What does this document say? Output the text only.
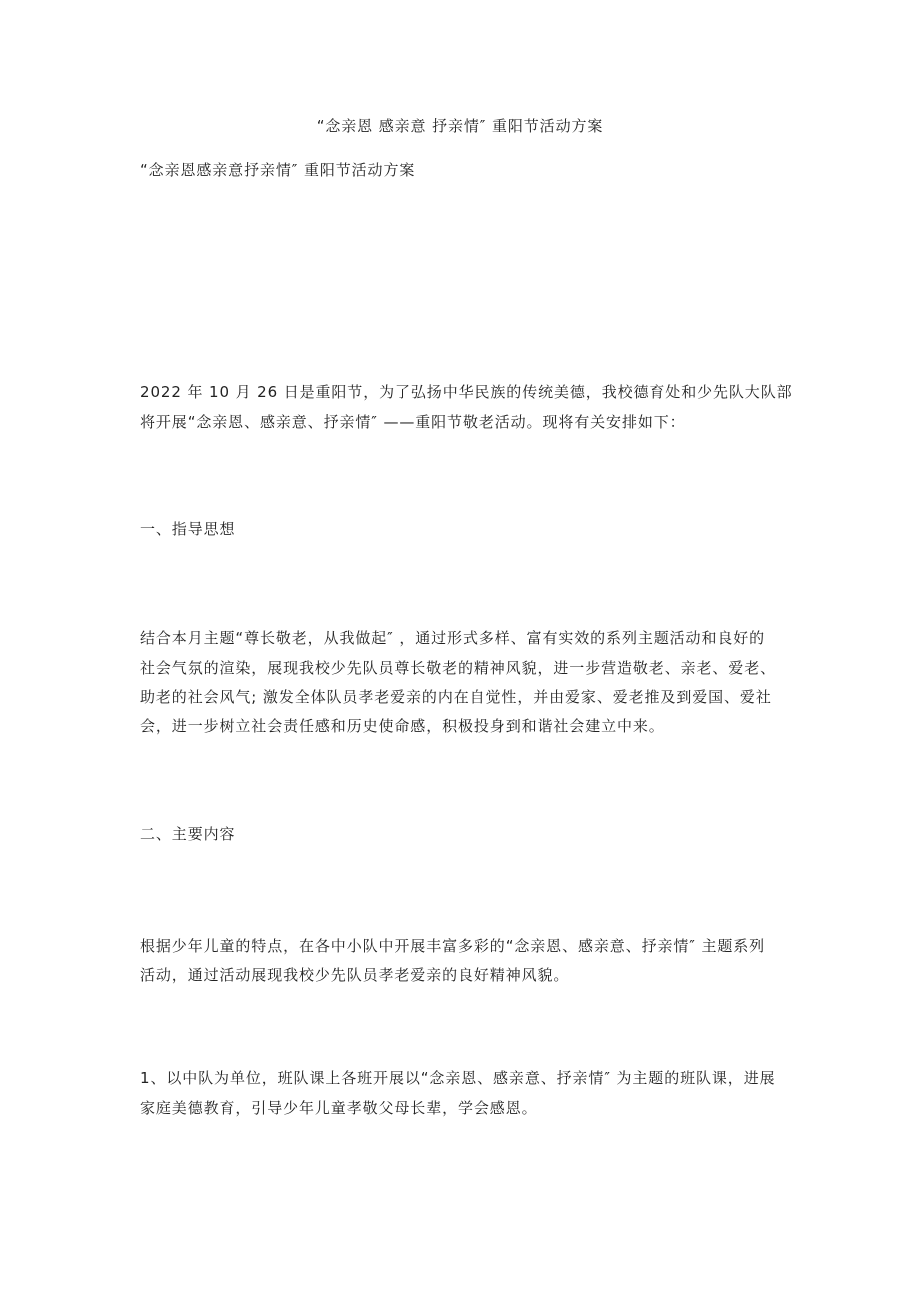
“念亲恩 感亲意 抒亲情″ 重阳节活动方案
“念亲恩感亲意抒亲情″ 重阳节活动方案
2022 年 10 月 26 日是重阳节，为了弘扬中华民族的传统美德，我校德育处和少先队大队部
将开展“念亲恩、感亲意、抒亲情″ ——重阳节敬老活动。现将有关安排如下：
一、指导思想
结合本月主题“尊长敬老，从我做起″ ，通过形式多样、富有实效的系列主题活动和良好的
社会气氛的渲染，展现我校少先队员尊长敬老的精神风貌，进一步营造敬老、亲老、爱老、
助老的社会风气; 激发全体队员孝老爱亲的内在自觉性，并由爱家、爱老推及到爱国、爱社
会，进一步树立社会责任感和历史使命感，积极投身到和谐社会建立中来。
二、主要内容
根据少年儿童的特点，在各中小队中开展丰富多彩的“念亲恩、感亲意、抒亲情″ 主题系列
活动，通过活动展现我校少先队员孝老爱亲的良好精神风貌。
1、以中队为单位，班队课上各班开展以“念亲恩、感亲意、抒亲情″ 为主题的班队课，进展
家庭美德教育，引导少年儿童孝敬父母长辈，学会感恩。
